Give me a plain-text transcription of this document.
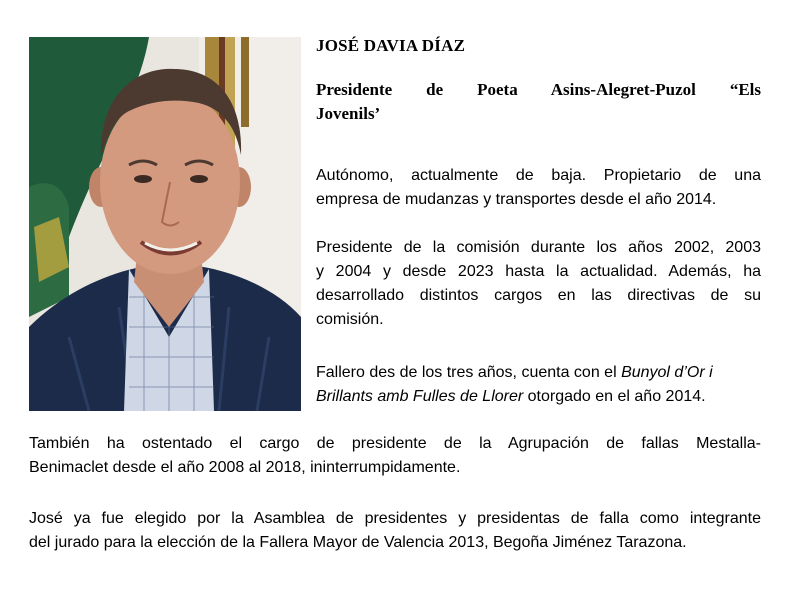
JOSÉ DAVIA DÍAZ
Presidente de Poeta Asins-Alegret-Puzol “Els
Jovenils’
Autónomo, actualmente de baja. Propietario de una
empresa de mudanzas y transportes desde el año 2014.
Presidente de la comisión durante los años 2002, 2003
y 2004 y desde 2023 hasta la actualidad. Además, ha
desarrollado distintos cargos en las directivas de su
comisión.
Fallero des de los tres años, cuenta con el Bunyol d’Or i
Brillants amb Fulles de Llorer otorgado en el año 2014.
También ha ostentado el cargo de presidente de la Agrupación de fallas Mestalla-
Benimaclet desde el año 2008 al 2018, ininterrumpidamente.
José ya fue elegido por la Asamblea de presidentes y presidentas de falla como integrante
del jurado para la elección de la Fallera Mayor de Valencia 2013, Begoña Jiménez Tarazona.
